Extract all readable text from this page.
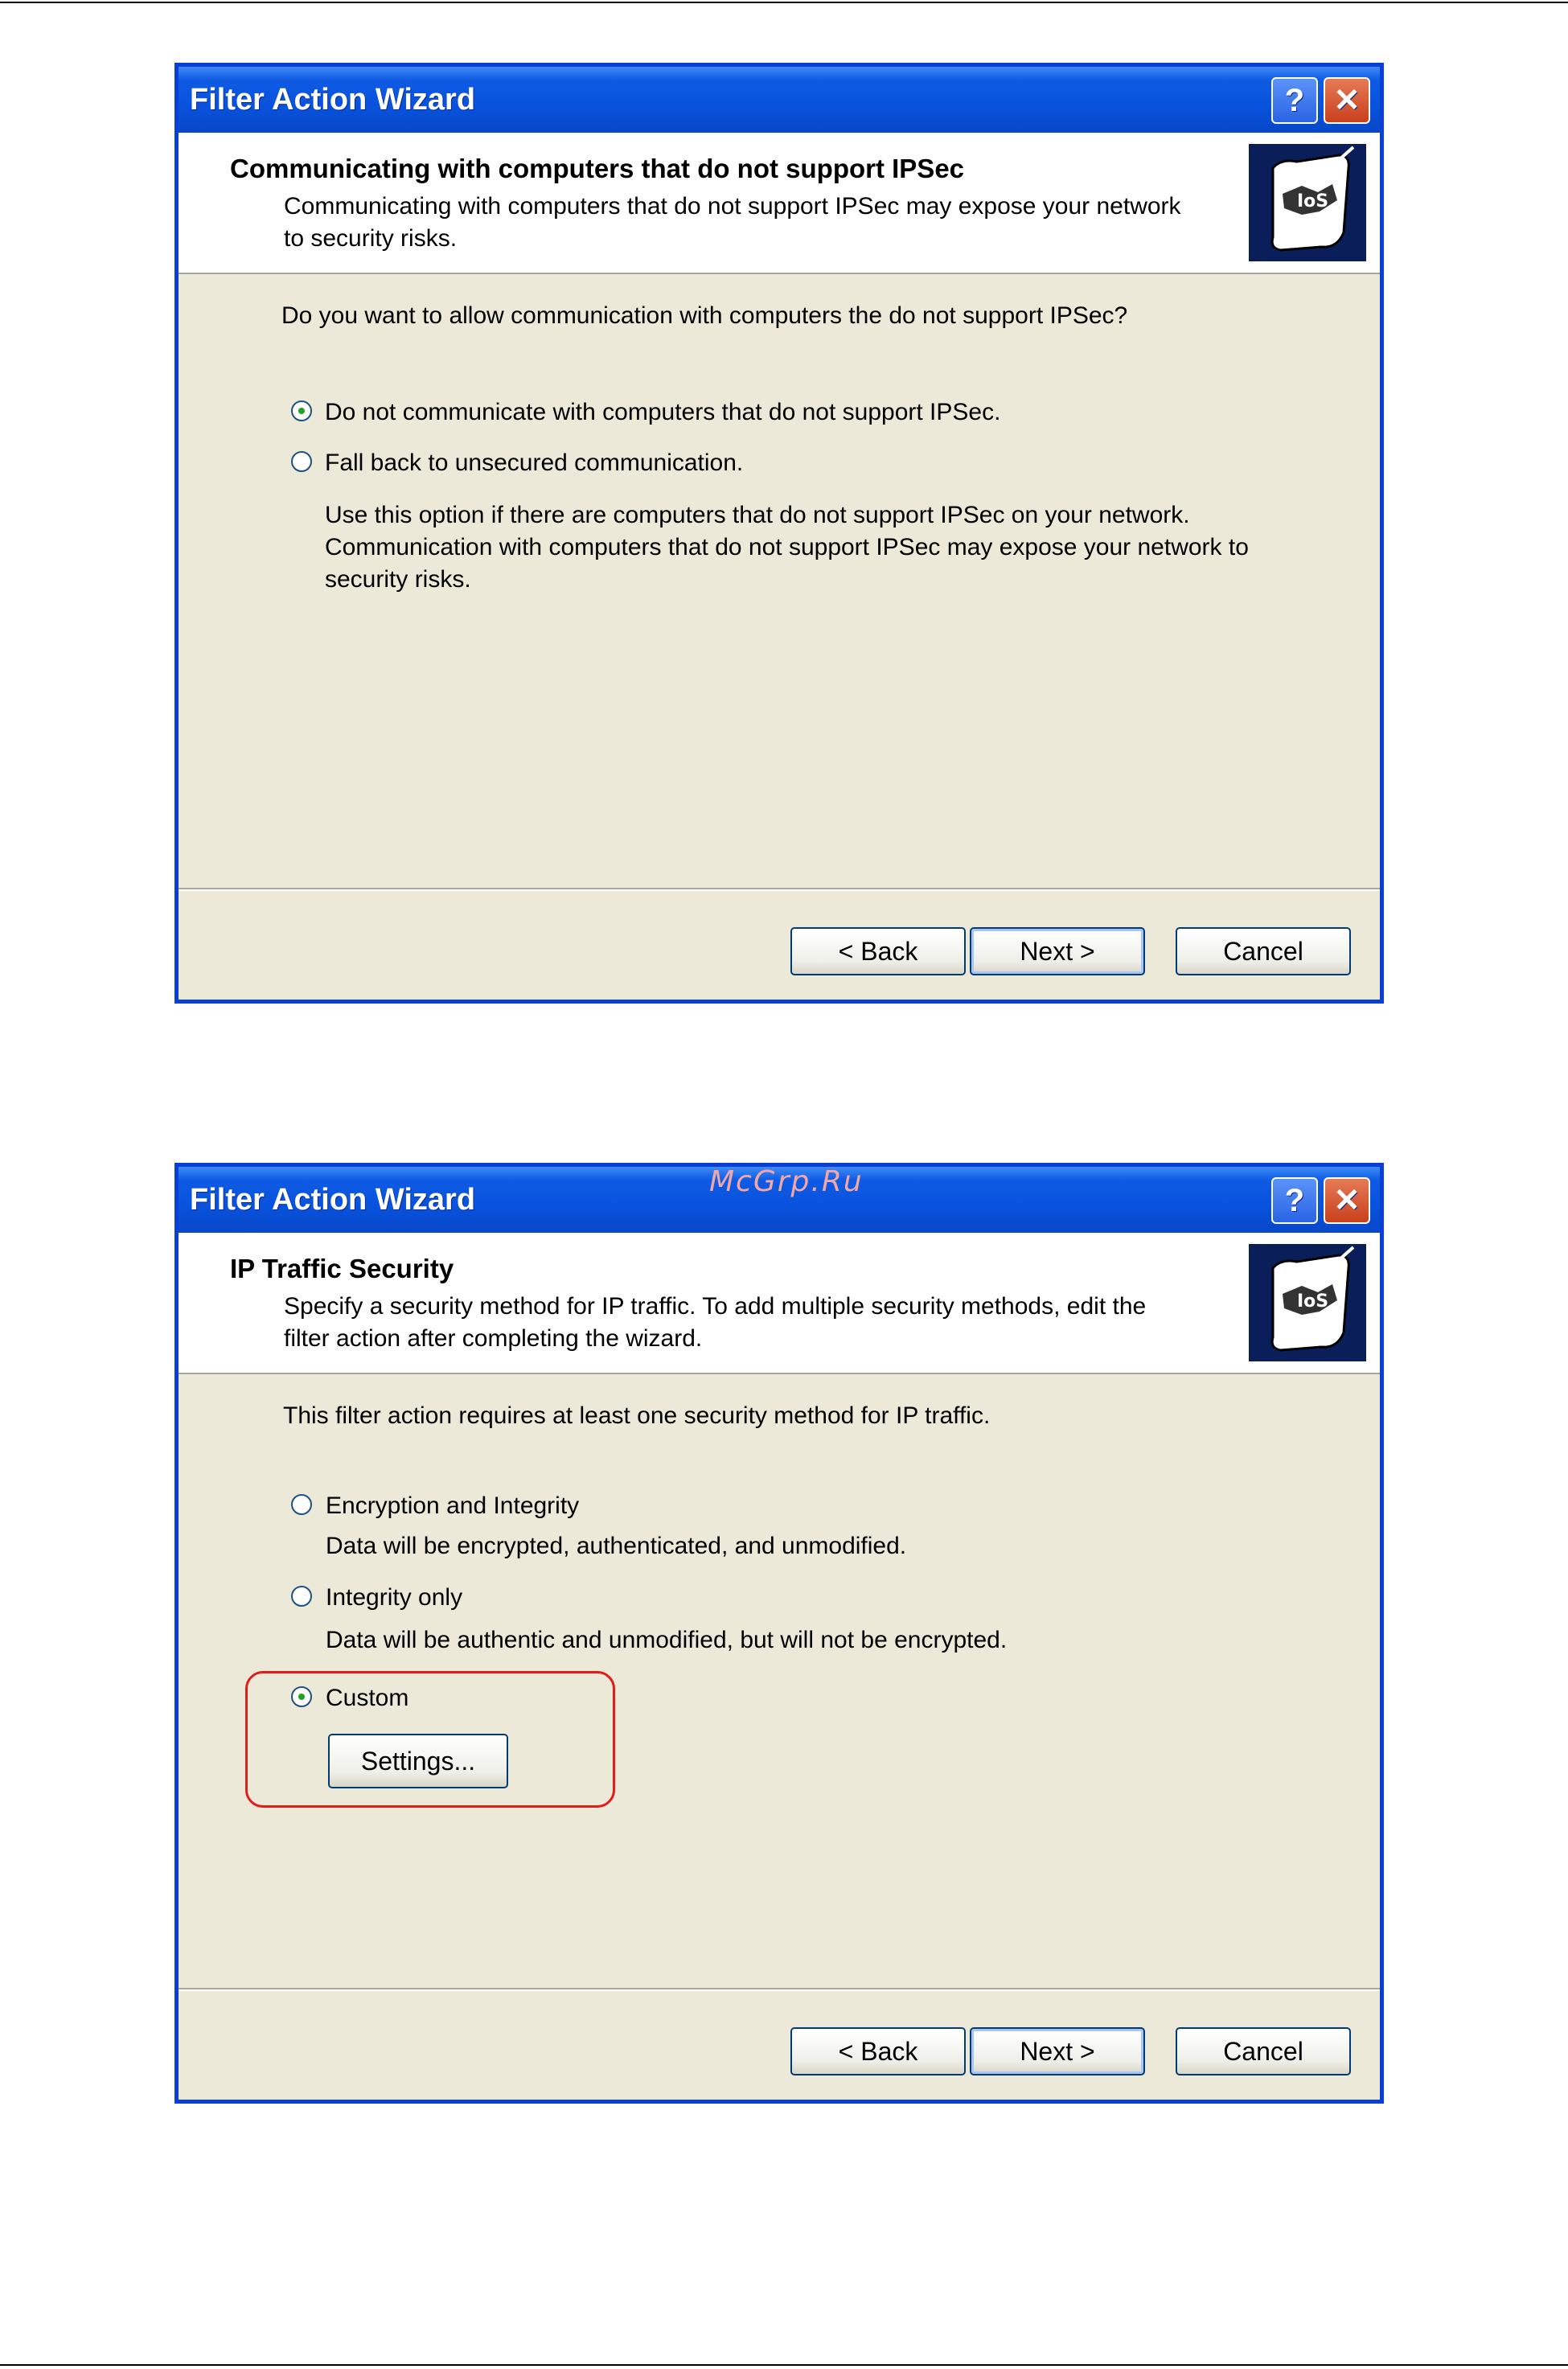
Filter Action Wizard	? ✕
Communicating with computers that do not support IPSec
Communicating with computers that do not support IPSec may expose your network to security risks.
IoS
Do you want to allow communication with computers the do not support IPSec?
Do not communicate with computers that do not support IPSec.
Fall back to unsecured communication.
Use this option if there are computers that do not support IPSec on your network. Communication with computers that do not support IPSec may expose your network to security risks.
< Back	Next >	Cancel
Filter Action Wizard	? ✕
McGrp.Ru
IP Traffic Security
Specify a security method for IP traffic. To add multiple security methods, edit the filter action after completing the wizard.
IoS
This filter action requires at least one security method for IP traffic.
Encryption and Integrity
Data will be encrypted, authenticated, and unmodified.
Integrity only
Data will be authentic and unmodified, but will not be encrypted.
Custom
Settings...
< Back	Next >	Cancel
